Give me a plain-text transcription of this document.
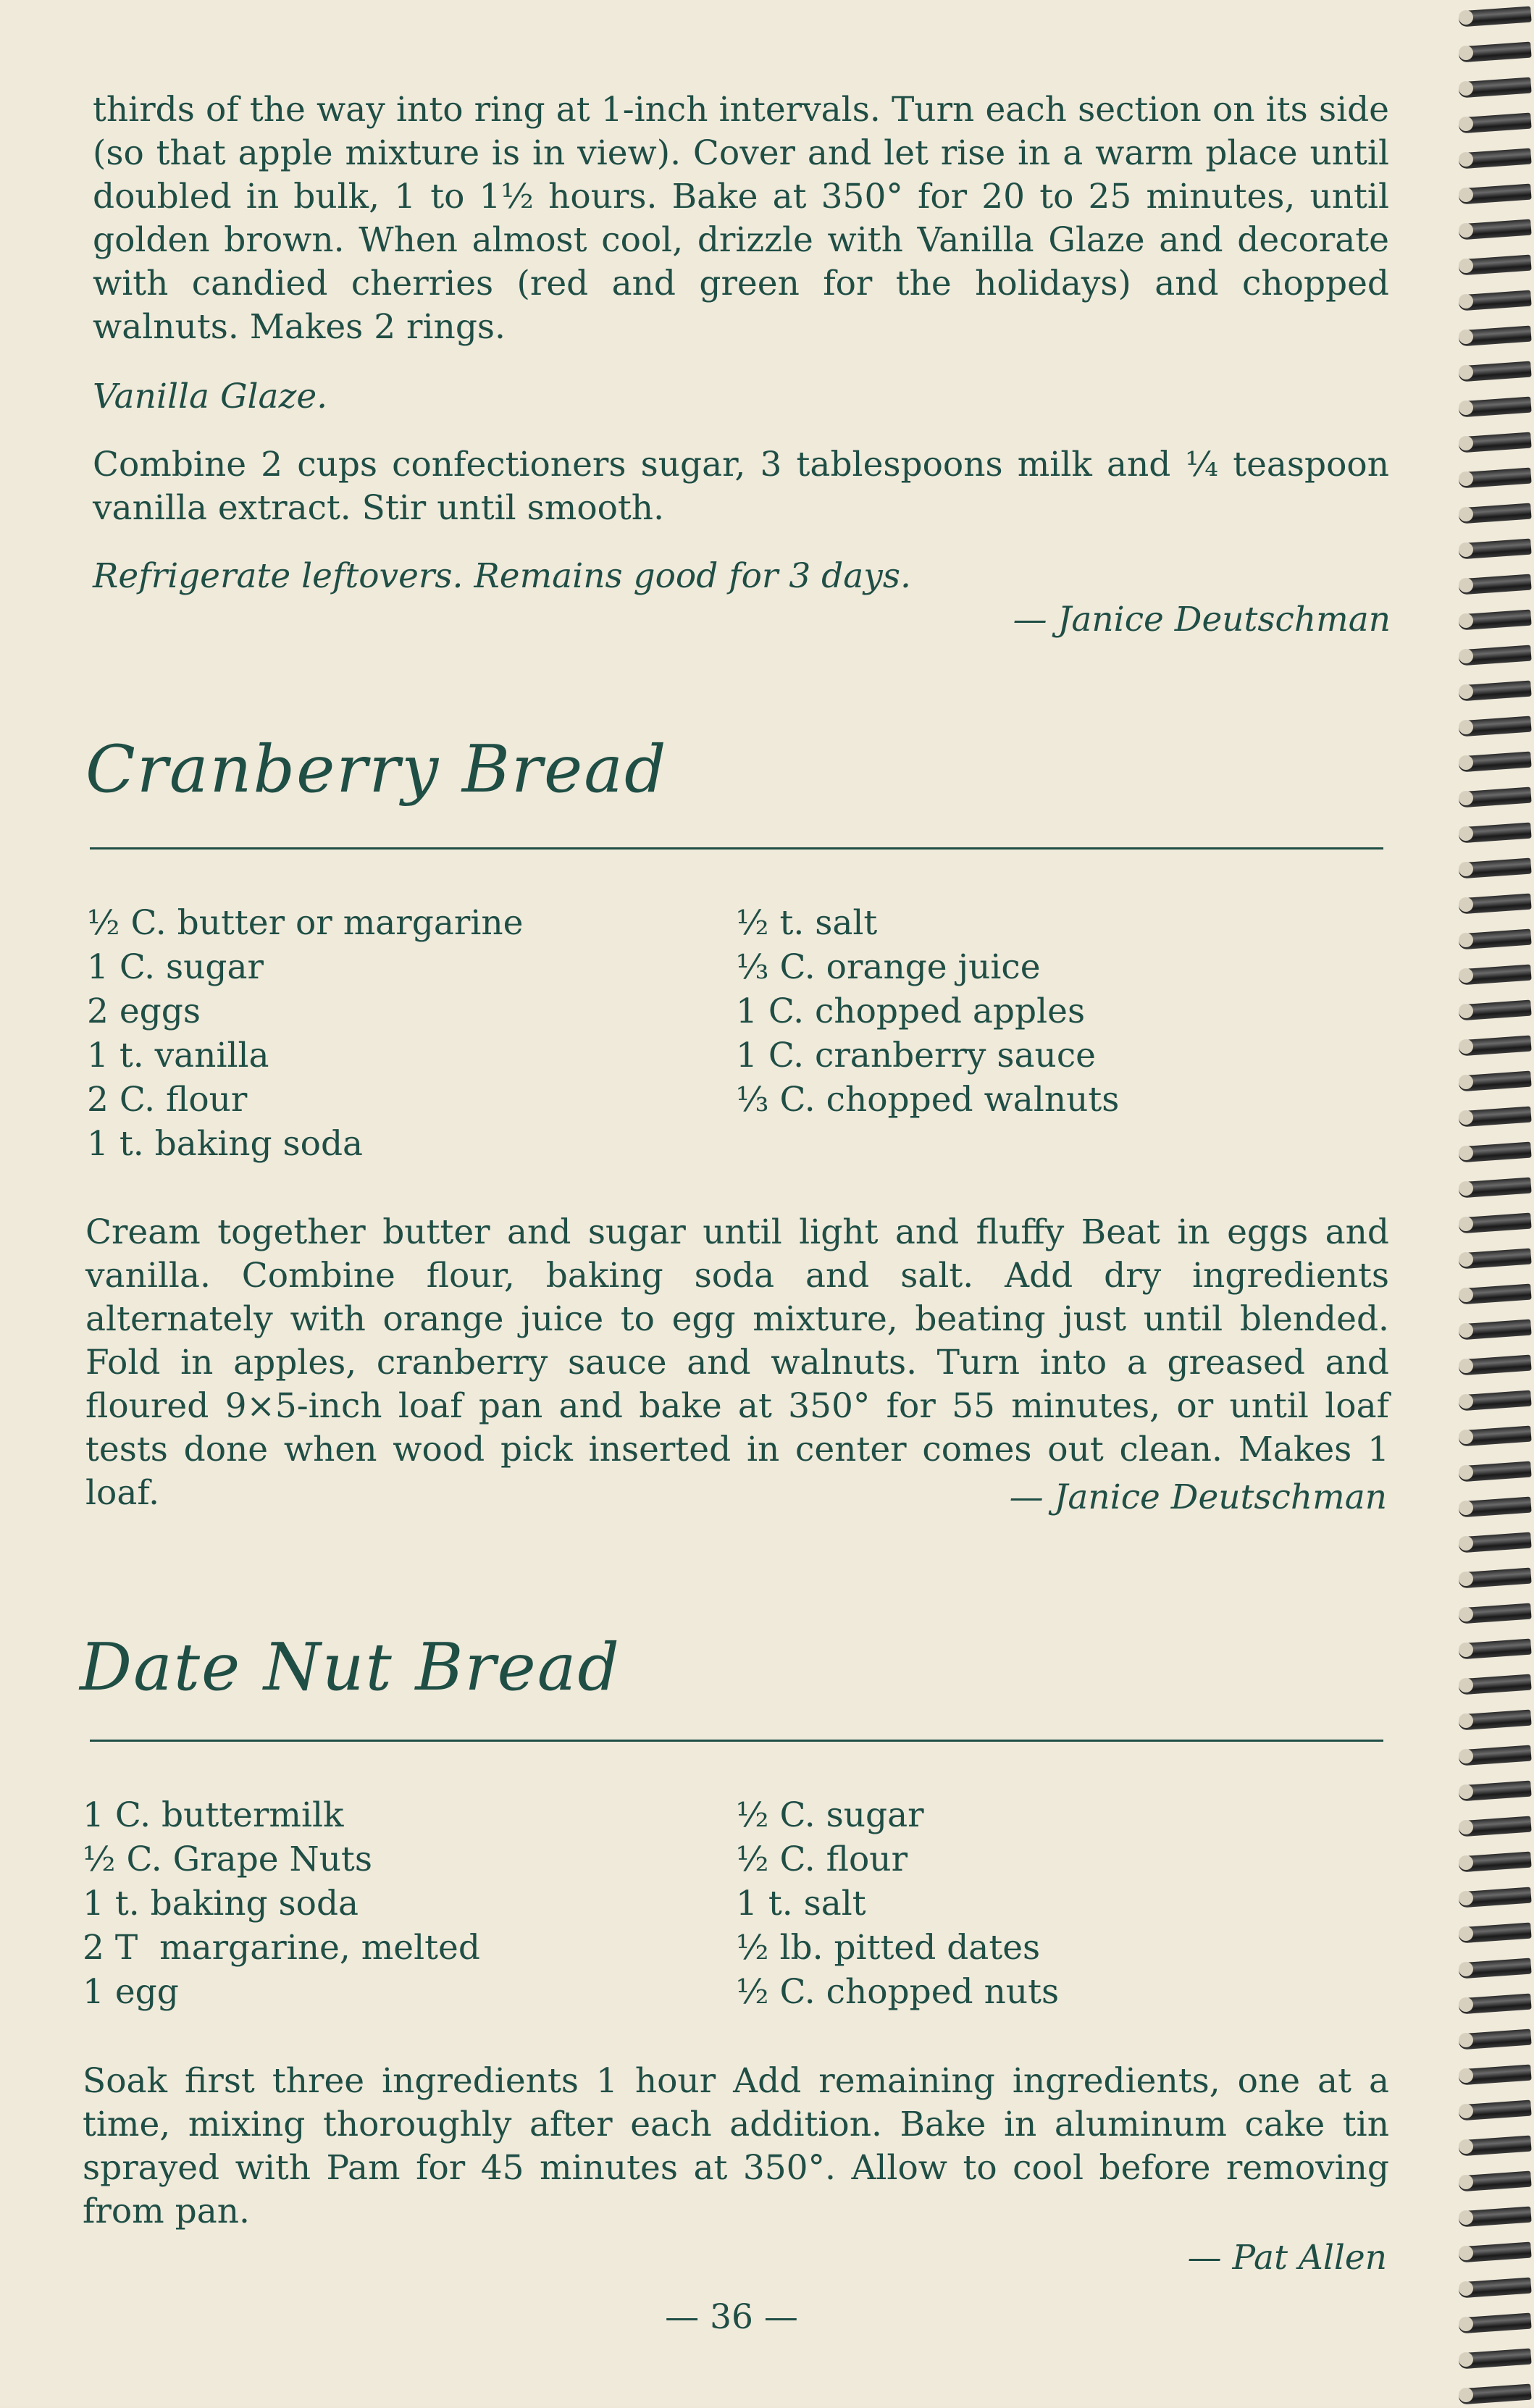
thirds of the way into ring at 1-inch intervals. Turn each section on its side (so that apple mixture is in view). Cover and let rise in a warm place until doubled in bulk, 1 to 1½ hours. Bake at 350° for 20 to 25 minutes, until golden brown. When almost cool, drizzle with Vanilla Glaze and decorate with candied cherries (red and green for the holidays) and chopped walnuts. Makes 2 rings.
Vanilla Glaze.
Combine 2 cups confectioners sugar, 3 tablespoons milk and ¼ teaspoon vanilla extract. Stir until smooth.
Refrigerate leftovers. Remains good for 3 days.
— Janice Deutschman
Cranberry Bread
½ C. butter or margarine
1 C. sugar
2 eggs
1 t. vanilla
2 C. flour
1 t. baking soda
½ t. salt
⅓ C. orange juice
1 C. chopped apples
1 C. cranberry sauce
⅓ C. chopped walnuts
Cream together butter and sugar until light and fluffy Beat in eggs and vanilla. Combine flour, baking soda and salt. Add dry ingredients alternately with orange juice to egg mixture, beating just until blended. Fold in apples, cranberry sauce and walnuts. Turn into a greased and floured 9×5-inch loaf pan and bake at 350° for 55 minutes, or until loaf tests done when wood pick inserted in center comes out clean. Makes 1 loaf.	— Janice Deutschman
Date Nut Bread
1 C. buttermilk
½ C. Grape Nuts
1 t. baking soda
2 T  margarine, melted
1 egg
½ C. sugar
½ C. flour
1 t. salt
½ lb. pitted dates
½ C. chopped nuts
Soak first three ingredients 1 hour Add remaining ingredients, one at a time, mixing thoroughly after each addition. Bake in aluminum cake tin sprayed with Pam for 45 minutes at 350°. Allow to cool before removing from pan.
— Pat Allen
— 36 —
